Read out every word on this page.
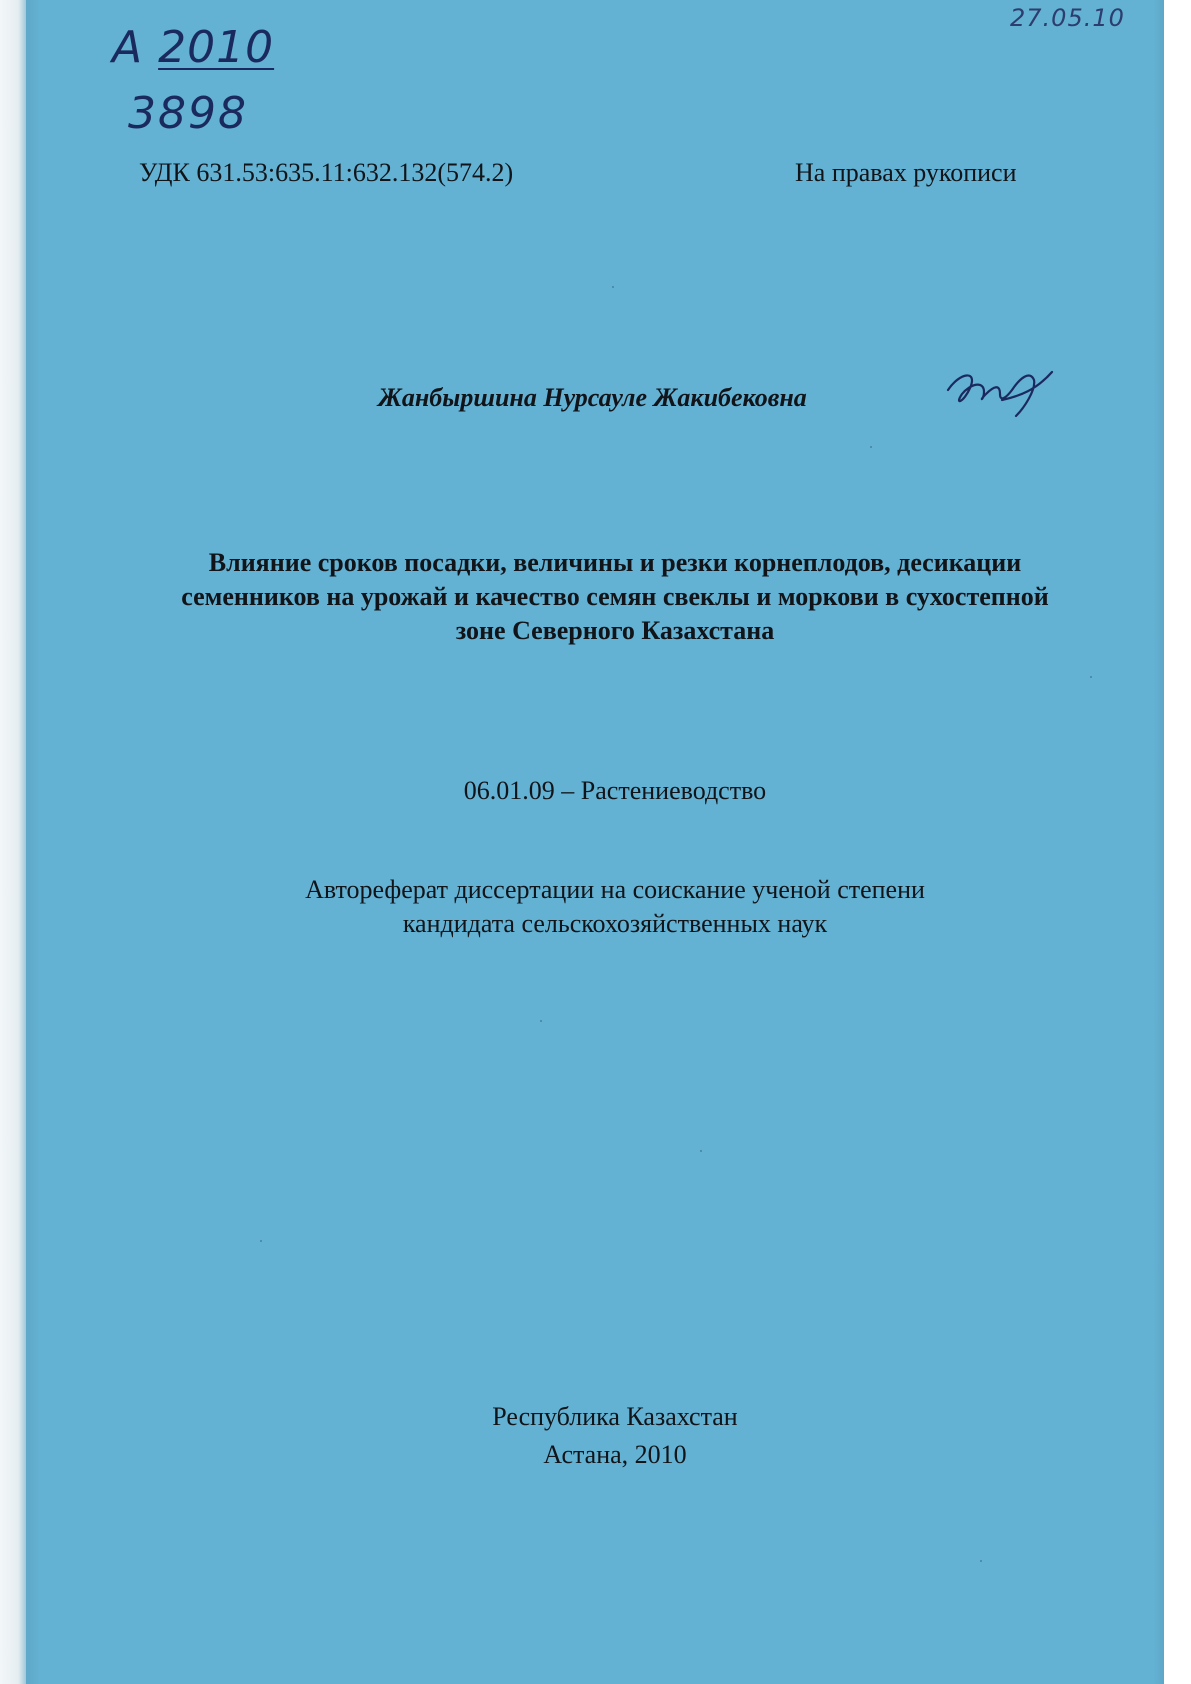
А 2010
3898
27.05.10
УДК 631.53:635.11:632.132(574.2)	На правах рукописи
Жанбыршина Нурсауле Жакибековна
Влияние сроков посадки, величины и резки корнеплодов, десикации
семенников на урожай и качество семян свеклы и моркови в сухостепной
зоне Северного Казахстана
06.01.09 – Растениеводство
Автореферат диссертации на соискание ученой степени
кандидата сельскохозяйственных наук
Республика Казахстан
Астана, 2010
